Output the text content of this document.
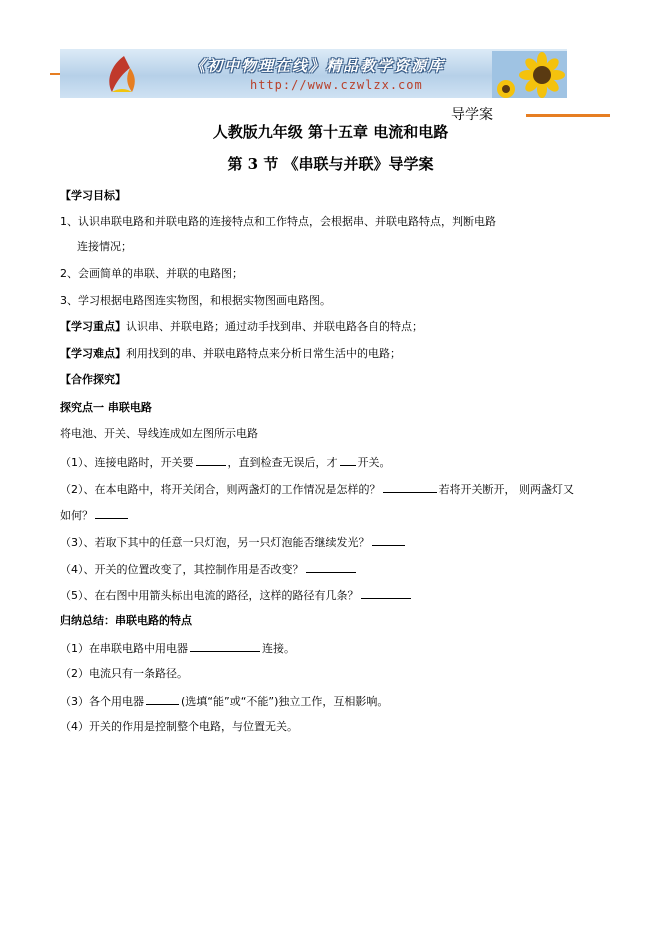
《初中物理在线》精品教学资源库
http://www.czwlzx.com
导学案
人教版九年级 第十五章 电流和电路
第 3 节 《串联与并联》导学案
【学习目标】
1、认识串联电路和并联电路的连接特点和工作特点，会根据串、并联电路特点，判断电路
连接情况；
2、会画简单的串联、并联的电路图；
3、学习根据电路图连实物图，和根据实物图画电路图。
【学习重点】认识串、并联电路；通过动手找到串、并联电路各自的特点；
【学习难点】利用找到的串、并联电路特点来分析日常生活中的电路；
【合作探究】
探究点一 串联电路
将电池、开关、导线连成如左图所示电路
（1）、连接电路时，开关要	，直到检查无误后，才 开关。
（2）、在本电路中，将开关闭合，则两盏灯的工作情况是怎样的？	若将开关断开， 则两盏灯又
如何？
（3）、若取下其中的任意一只灯泡，另一只灯泡能否继续发光？
（4）、开关的位置改变了，其控制作用是否改变？
（5）、在右图中用箭头标出电流的路径，这样的路径有几条？
归纳总结：串联电路的特点
（1）在串联电路中用电器	连接。
（2）电流只有一条路径。
（3）各个用电器	(选填“能”或“不能”)独立工作，互相影响。
（4）开关的作用是控制整个电路，与位置无关。
